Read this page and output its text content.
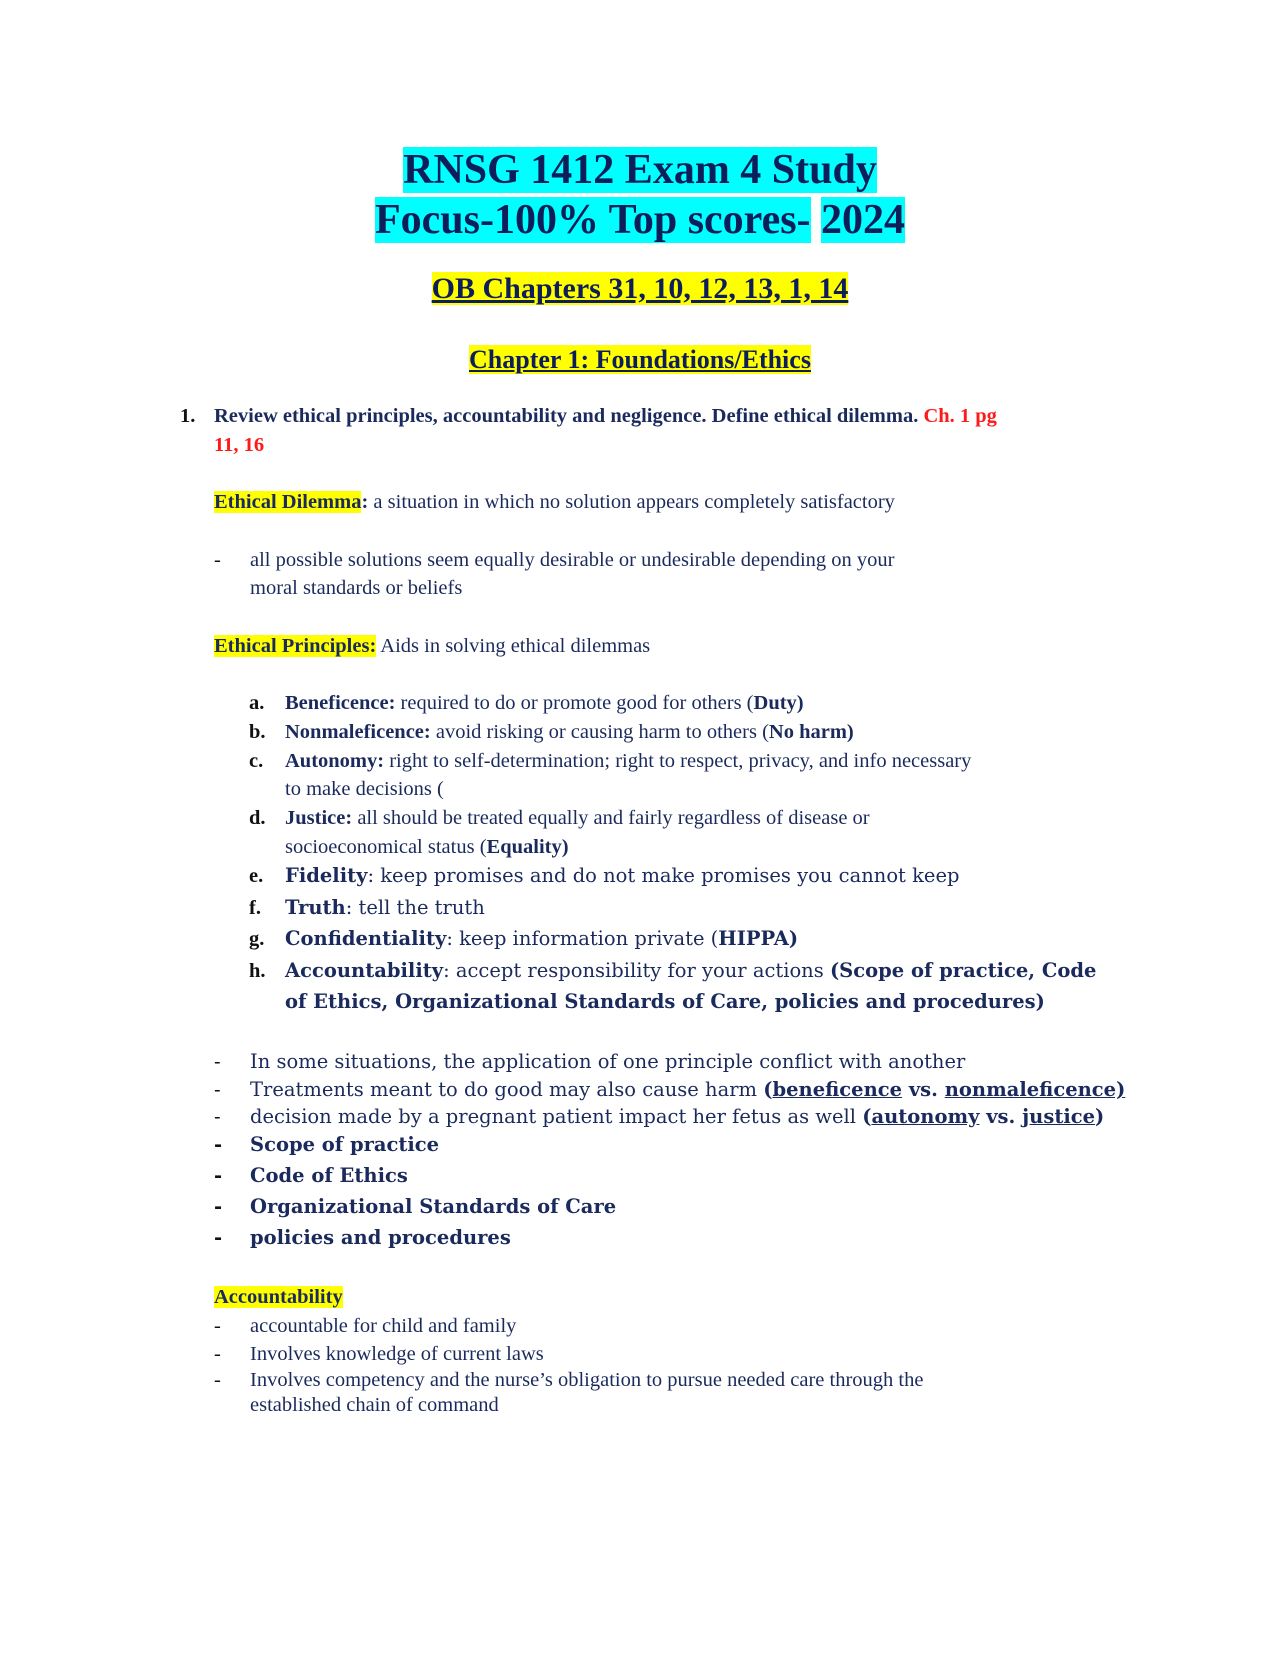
RNSG 1412 Exam 4 Study
Focus-100% Top scores- 2024
OB Chapters 31, 10, 12, 13, 1, 14
Chapter 1: Foundations/Ethics
1. Review ethical principles, accountability and negligence. Define ethical dilemma. Ch. 1 pg
11, 16
Ethical Dilemma: a situation in which no solution appears completely satisfactory
- all possible solutions seem equally desirable or undesirable depending on your
moral standards or beliefs
Ethical Principles: Aids in solving ethical dilemmas
a. Beneficence: required to do or promote good for others (Duty)
b. Nonmaleficence: avoid risking or causing harm to others (No harm)
c. Autonomy: right to self-determination; right to respect, privacy, and info necessary
to make decisions (
d. Justice: all should be treated equally and fairly regardless of disease or
socioeconomical status (Equality)
e. Fidelity: keep promises and do not make promises you cannot keep
f. Truth: tell the truth
g. Confidentiality: keep information private (HIPPA)
h. Accountability: accept responsibility for your actions (Scope of practice, Code
of Ethics, Organizational Standards of Care, policies and procedures)
- In some situations, the application of one principle conflict with another
- Treatments meant to do good may also cause harm (beneficence vs. nonmaleficence)
- decision made by a pregnant patient impact her fetus as well (autonomy vs. justice)
- Scope of practice
- Code of Ethics
- Organizational Standards of Care
- policies and procedures
Accountability
- accountable for child and family
- Involves knowledge of current laws
- Involves competency and the nurse’s obligation to pursue needed care through the
established chain of command
